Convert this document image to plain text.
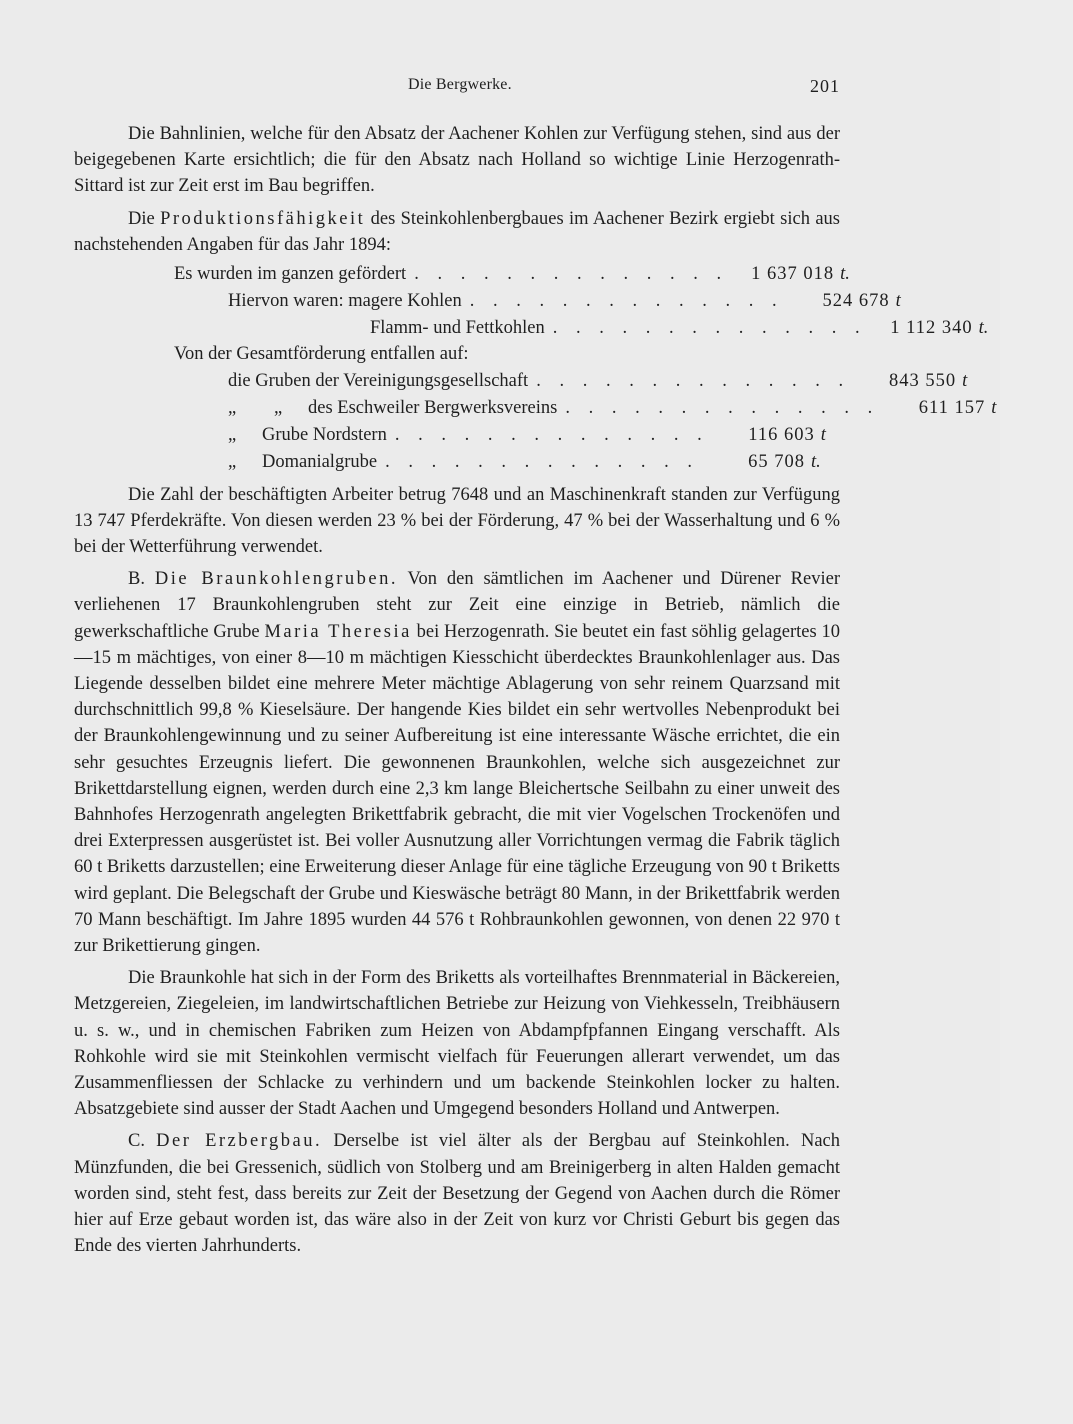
Die Bergwerke.	201

Die Bahnlinien, welche für den Absatz der Aachener Kohlen zur Verfügung stehen, sind aus der beigegebenen Karte ersichtlich; die für den Absatz nach Holland so wichtige Linie Herzogenrath-Sittard ist zur Zeit erst im Bau begriffen.

Die Produktionsfähigkeit des Steinkohlenbergbaues im Aachener Bezirk ergiebt sich aus nachstehenden Angaben für das Jahr 1894:

Es wurden im ganzen gefördert . . . . . . . . . . . . . .	1 637 018 t.
Hiervon waren: magere Kohlen . . . . . . . . . . . . . .	524 678 t
Flamm- und Fettkohlen . . . . . . . . . . . . . .	1 112 340 t.
Von der Gesamtförderung entfallen auf:
die Gruben der Vereinigungsgesellschaft . . . . . . . . . . . . . .	843 550 t
„	„	des Eschweiler Bergwerksvereins . . . . . . . . . . . . . .	611 157 t
„	Grube Nordstern . . . . . . . . . . . . . .	116 603 t
„	Domanialgrube . . . . . . . . . . . . . .	65 708 t.

Die Zahl der beschäftigten Arbeiter betrug 7648 und an Maschinenkraft standen zur Verfügung 13 747 Pferdekräfte. Von diesen werden 23 % bei der Förderung, 47 % bei der Wasserhaltung und 6 % bei der Wetterführung verwendet.

B. Die Braunkohlengruben. Von den sämtlichen im Aachener und Dürener Revier verliehenen 17 Braunkohlengruben steht zur Zeit eine einzige in Betrieb, nämlich die gewerkschaftliche Grube Maria Theresia bei Herzogenrath. Sie beutet ein fast söhlig gelagertes 10—15 m mächtiges, von einer 8—10 m mächtigen Kiesschicht überdecktes Braunkohlenlager aus. Das Liegende desselben bildet eine mehrere Meter mächtige Ablagerung von sehr reinem Quarzsand mit durchschnittlich 99,8 % Kieselsäure. Der hangende Kies bildet ein sehr wertvolles Nebenprodukt bei der Braunkohlengewinnung und zu seiner Aufbereitung ist eine interessante Wäsche errichtet, die ein sehr gesuchtes Erzeugnis liefert. Die gewonnenen Braunkohlen, welche sich ausgezeichnet zur Brikettdarstellung eignen, werden durch eine 2,3 km lange Bleichertsche Seilbahn zu einer unweit des Bahnhofes Herzogenrath angelegten Brikettfabrik gebracht, die mit vier Vogelschen Trockenöfen und drei Exterpressen ausgerüstet ist. Bei voller Ausnutzung aller Vorrichtungen vermag die Fabrik täglich 60 t Briketts darzustellen; eine Erweiterung dieser Anlage für eine tägliche Erzeugung von 90 t Briketts wird geplant. Die Belegschaft der Grube und Kieswäsche beträgt 80 Mann, in der Brikettfabrik werden 70 Mann beschäftigt. Im Jahre 1895 wurden 44 576 t Rohbraunkohlen gewonnen, von denen 22 970 t zur Brikettierung gingen.

Die Braunkohle hat sich in der Form des Briketts als vorteilhaftes Brennmaterial in Bäckereien, Metzgereien, Ziegeleien, im landwirtschaftlichen Betriebe zur Heizung von Viehkesseln, Treibhäusern u. s. w., und in chemischen Fabriken zum Heizen von Abdampfpfannen Eingang verschafft. Als Rohkohle wird sie mit Steinkohlen vermischt vielfach für Feuerungen allerart verwendet, um das Zusammenfliessen der Schlacke zu verhindern und um backende Steinkohlen locker zu halten. Absatzgebiete sind ausser der Stadt Aachen und Umgegend besonders Holland und Antwerpen.

C. Der Erzbergbau. Derselbe ist viel älter als der Bergbau auf Steinkohlen. Nach Münzfunden, die bei Gressenich, südlich von Stolberg und am Breinigerberg in alten Halden gemacht worden sind, steht fest, dass bereits zur Zeit der Besetzung der Gegend von Aachen durch die Römer hier auf Erze gebaut worden ist, das wäre also in der Zeit von kurz vor Christi Geburt bis gegen das Ende des vierten Jahrhunderts.
